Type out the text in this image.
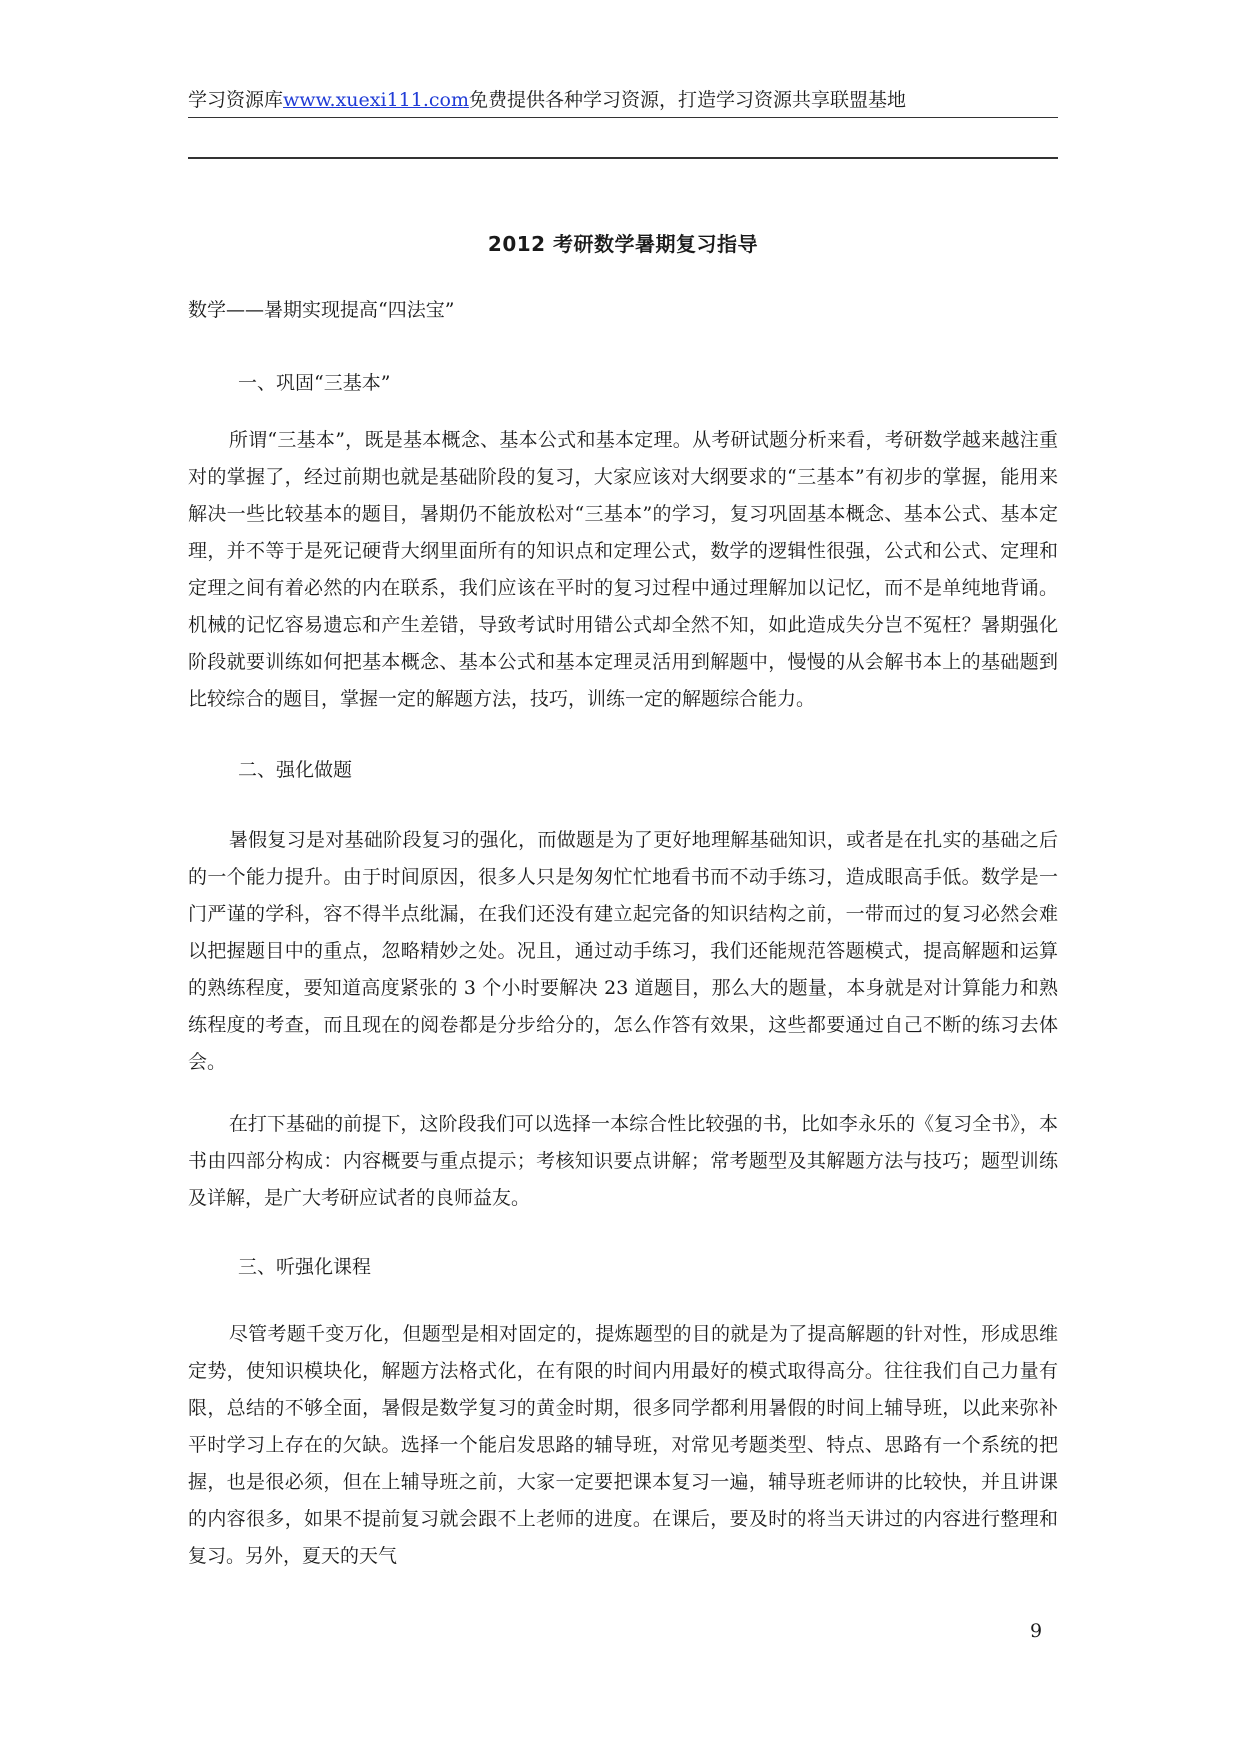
学习资源库www.xuexi111.com免费提供各种学习资源，打造学习资源共享联盟基地
2012 考研数学暑期复习指导
数学——暑期实现提高“四法宝”
一、巩固“三基本”
所谓“三基本”，既是基本概念、基本公式和基本定理。从考研试题分析来看，考研数学越来越注重对的掌握了，经过前期也就是基础阶段的复习，大家应该对大纲要求的“三基本”有初步的掌握，能用来解决一些比较基本的题目，暑期仍不能放松对“三基本”的学习，复习巩固基本概念、基本公式、基本定理，并不等于是死记硬背大纲里面所有的知识点和定理公式，数学的逻辑性很强，公式和公式、定理和定理之间有着必然的内在联系，我们应该在平时的复习过程中通过理解加以记忆，而不是单纯地背诵。机械的记忆容易遗忘和产生差错，导致考试时用错公式却全然不知，如此造成失分岂不冤枉？暑期强化阶段就要训练如何把基本概念、基本公式和基本定理灵活用到解题中，慢慢的从会解书本上的基础题到比较综合的题目，掌握一定的解题方法，技巧，训练一定的解题综合能力。
二、强化做题
暑假复习是对基础阶段复习的强化，而做题是为了更好地理解基础知识，或者是在扎实的基础之后的一个能力提升。由于时间原因，很多人只是匆匆忙忙地看书而不动手练习，造成眼高手低。数学是一门严谨的学科，容不得半点纰漏，在我们还没有建立起完备的知识结构之前，一带而过的复习必然会难以把握题目中的重点，忽略精妙之处。况且，通过动手练习，我们还能规范答题模式，提高解题和运算的熟练程度，要知道高度紧张的 3 个小时要解决 23 道题目，那么大的题量，本身就是对计算能力和熟练程度的考查，而且现在的阅卷都是分步给分的，怎么作答有效果，这些都要通过自己不断的练习去体会。
在打下基础的前提下，这阶段我们可以选择一本综合性比较强的书，比如李永乐的《复习全书》，本书由四部分构成：内容概要与重点提示；考核知识要点讲解；常考题型及其解题方法与技巧；题型训练及详解，是广大考研应试者的良师益友。
三、听强化课程
尽管考题千变万化，但题型是相对固定的，提炼题型的目的就是为了提高解题的针对性，形成思维定势，使知识模块化，解题方法格式化，在有限的时间内用最好的模式取得高分。往往我们自己力量有限，总结的不够全面，暑假是数学复习的黄金时期，很多同学都利用暑假的时间上辅导班，以此来弥补平时学习上存在的欠缺。选择一个能启发思路的辅导班，对常见考题类型、特点、思路有一个系统的把握，也是很必须，但在上辅导班之前，大家一定要把课本复习一遍，辅导班老师讲的比较快，并且讲课的内容很多，如果不提前复习就会跟不上老师的进度。在课后，要及时的将当天讲过的内容进行整理和复习。另外，夏天的天气
9
